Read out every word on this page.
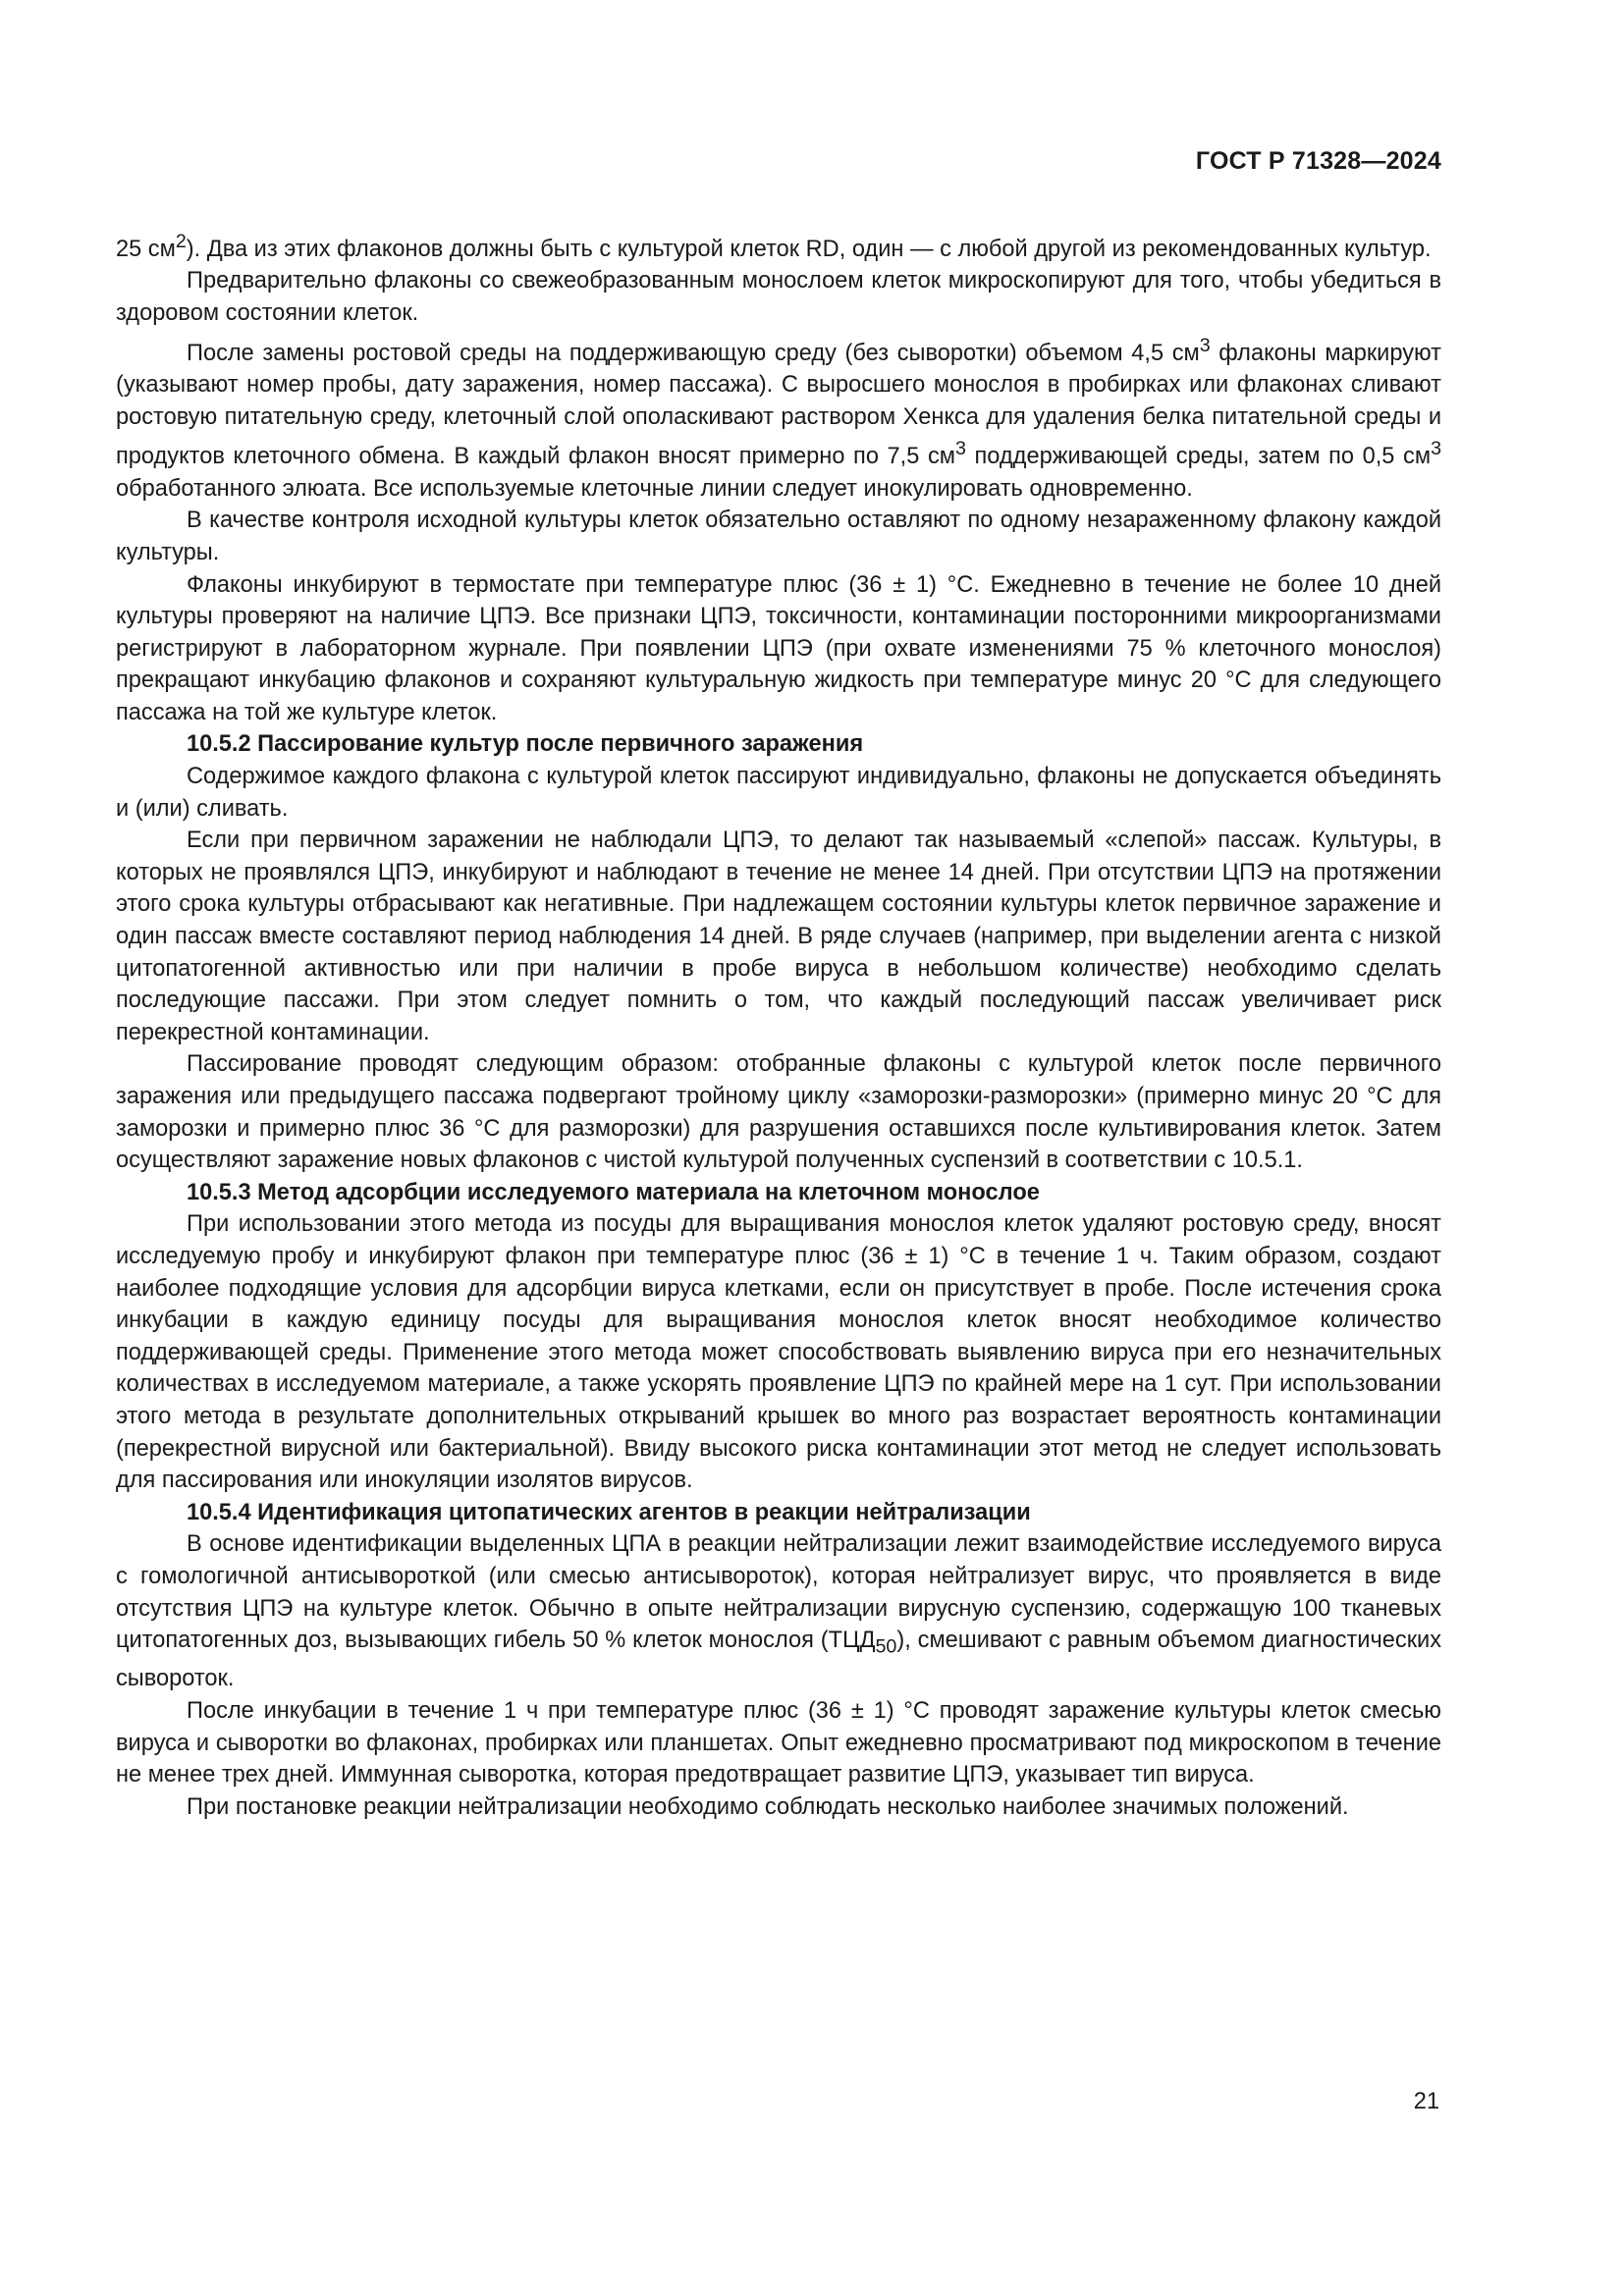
ГОСТ Р 71328—2024

25 $см^2$). Два из этих флаконов должны быть с культурой клеток RD, один — с любой другой из рекомендованных культур.

Предварительно флаконы со свежеобразованным монослоем клеток микроскопируют для того, чтобы убедиться в здоровом состоянии клеток.

После замены ростовой среды на поддерживающую среду (без сыворотки) объемом 4,5 $см^3$ флаконы маркируют (указывают номер пробы, дату заражения, номер пассажа). С выросшего монослоя в пробирках или флаконах сливают ростовую питательную среду, клеточный слой ополаскивают раствором Хенкса для удаления белка питательной среды и продуктов клеточного обмена. В каждый флакон вносят примерно по 7,5 $см^3$ поддерживающей среды, затем по 0,5 $см^3$ обработанного элюата. Все используемые клеточные линии следует инокулировать одновременно.

В качестве контроля исходной культуры клеток обязательно оставляют по одному незараженному флакону каждой культуры.

Флаконы инкубируют в термостате при температуре плюс (36 ± 1) °С. Ежедневно в течение не более 10 дней культуры проверяют на наличие ЦПЭ. Все признаки ЦПЭ, токсичности, контаминации посторонними микроорганизмами регистрируют в лабораторном журнале. При появлении ЦПЭ (при охвате изменениями 75 % клеточного монослоя) прекращают инкубацию флаконов и сохраняют культуральную жидкость при температуре минус 20 °С для следующего пассажа на той же культуре клеток.

10.5.2 Пассирование культур после первичного заражения

Содержимое каждого флакона с культурой клеток пассируют индивидуально, флаконы не допускается объединять и (или) сливать.

Если при первичном заражении не наблюдали ЦПЭ, то делают так называемый «слепой» пассаж. Культуры, в которых не проявлялся ЦПЭ, инкубируют и наблюдают в течение не менее 14 дней. При отсутствии ЦПЭ на протяжении этого срока культуры отбрасывают как негативные. При надлежащем состоянии культуры клеток первичное заражение и один пассаж вместе составляют период наблюдения 14 дней. В ряде случаев (например, при выделении агента с низкой цитопатогенной активностью или при наличии в пробе вируса в небольшом количестве) необходимо сделать последующие пассажи. При этом следует помнить о том, что каждый последующий пассаж увеличивает риск перекрестной контаминации.

Пассирование проводят следующим образом: отобранные флаконы с культурой клеток после первичного заражения или предыдущего пассажа подвергают тройному циклу «заморозки-разморозки» (примерно минус 20 °С для заморозки и примерно плюс 36 °С для разморозки) для разрушения оставшихся после культивирования клеток. Затем осуществляют заражение новых флаконов с чистой культурой полученных суспензий в соответствии с 10.5.1.

10.5.3 Метод адсорбции исследуемого материала на клеточном монослое

При использовании этого метода из посуды для выращивания монослоя клеток удаляют ростовую среду, вносят исследуемую пробу и инкубируют флакон при температуре плюс (36 ± 1) °С в течение 1 ч. Таким образом, создают наиболее подходящие условия для адсорбции вируса клетками, если он присутствует в пробе. После истечения срока инкубации в каждую единицу посуды для выращивания монослоя клеток вносят необходимое количество поддерживающей среды. Применение этого метода может способствовать выявлению вируса при его незначительных количествах в исследуемом материале, а также ускорять проявление ЦПЭ по крайней мере на 1 сут. При использовании этого метода в результате дополнительных открываний крышек во много раз возрастает вероятность контаминации (перекрестной вирусной или бактериальной). Ввиду высокого риска контаминации этот метод не следует использовать для пассирования или инокуляции изолятов вирусов.

10.5.4 Идентификация цитопатических агентов в реакции нейтрализации

В основе идентификации выделенных ЦПА в реакции нейтрализации лежит взаимодействие исследуемого вируса с гомологичной антисывороткой (или смесью антисывороток), которая нейтрализует вирус, что проявляется в виде отсутствия ЦПЭ на культуре клеток. Обычно в опыте нейтрализации вирусную суспензию, содержащую 100 тканевых цитопатогенных доз, вызывающих гибель 50 % клеток монослоя $(ТЦД_{50})$, смешивают с равным объемом диагностических сывороток.

После инкубации в течение 1 ч при температуре плюс (36 ± 1) °С проводят заражение культуры клеток смесью вируса и сыворотки во флаконах, пробирках или планшетах. Опыт ежедневно просматривают под микроскопом в течение не менее трех дней. Иммунная сыворотка, которая предотвращает развитие ЦПЭ, указывает тип вируса.

При постановке реакции нейтрализации необходимо соблюдать несколько наиболее значимых положений.

21
